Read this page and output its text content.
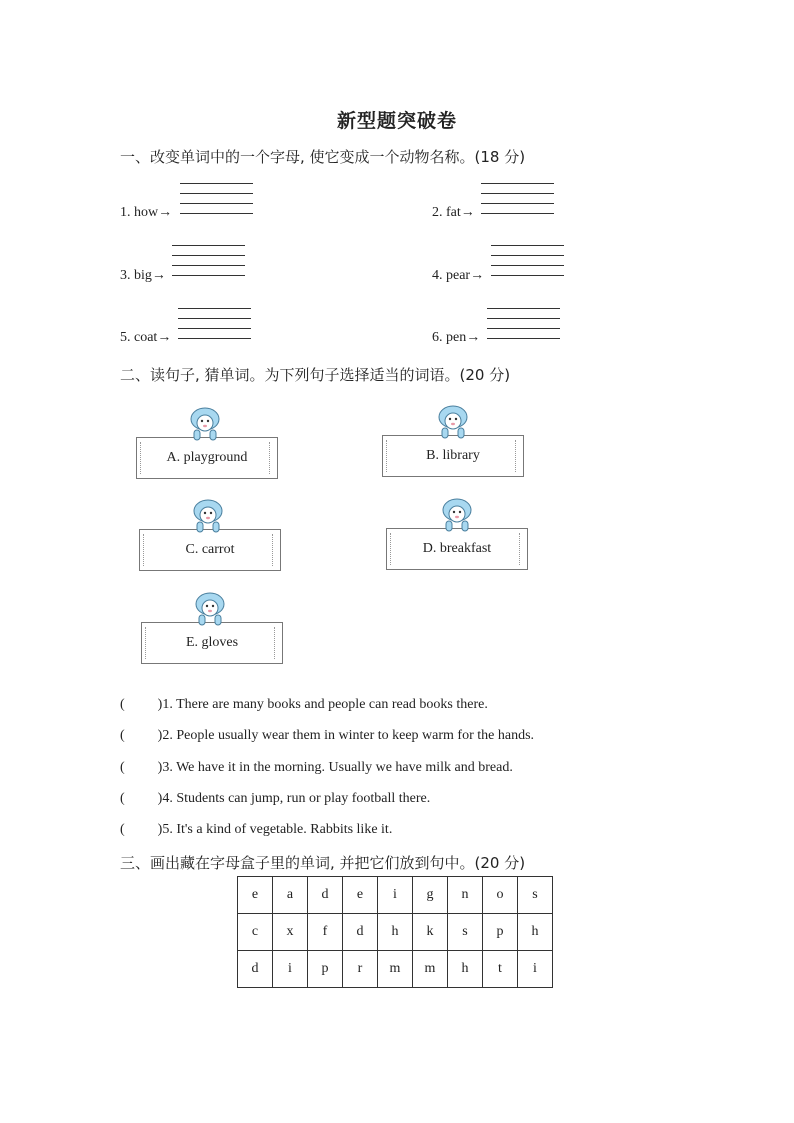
新型题突破卷
一、改变单词中的一个字母, 使它变成一个动物名称。(18 分)
1. how→	2. fat→
3. big→	4. pear→
5. coat→	6. pen→
二、读句子, 猜单词。为下列句子选择适当的词语。(20 分)
A. playground	B. library
C. carrot	D. breakfast
E. gloves
( )1. There are many books and people can read books there.
( )2. People usually wear them in winter to keep warm for the hands.
( )3. We have it in the morning. Usually we have milk and bread.
( )4. Students can jump, run or play football there.
( )5. It's a kind of vegetable. Rabbits like it.
三、画出藏在字母盒子里的单词, 并把它们放到句中。(20 分)
e	a	d	e	i	g	n	o	s
c	x	f	d	h	k	s	p	h
d	i	p	r	m	m	h	t	i
